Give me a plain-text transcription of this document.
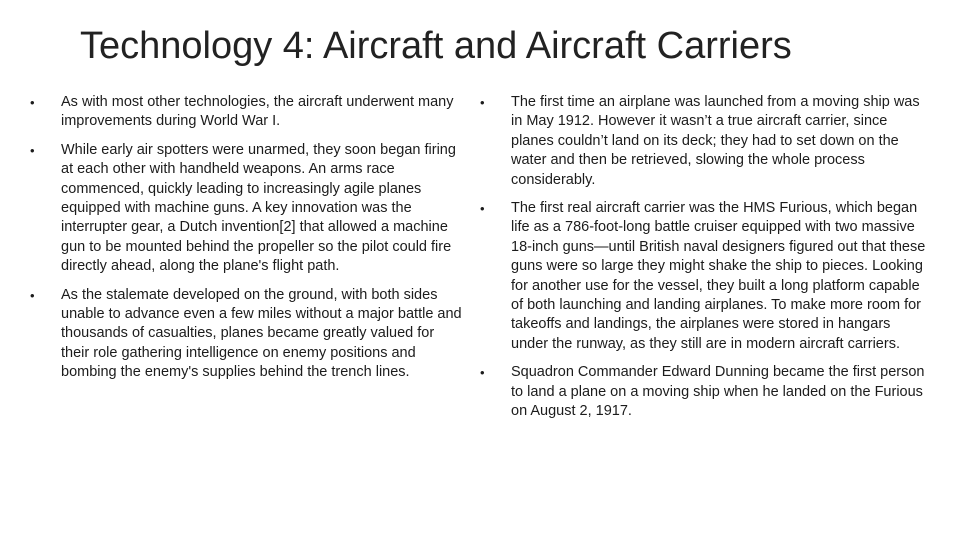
Technology 4: Aircraft and Aircraft Carriers
•	As with most other technologies, the aircraft underwent many improvements during World War I.
•	While early air spotters were unarmed, they soon began firing at each other with handheld weapons. An arms race commenced, quickly leading to increasingly agile planes equipped with machine guns. A key innovation was the interrupter gear, a Dutch invention[2] that allowed a machine gun to be mounted behind the propeller so the pilot could fire directly ahead, along the plane's flight path.
•	As the stalemate developed on the ground, with both sides unable to advance even a few miles without a major battle and thousands of casualties, planes became greatly valued for their role gathering intelligence on enemy positions and bombing the enemy's supplies behind the trench lines.
•	The first time an airplane was launched from a moving ship was in May 1912. However it wasn’t a true aircraft carrier, since planes couldn’t land on its deck; they had to set down on the water and then be retrieved, slowing the whole process considerably.
•	The first real aircraft carrier was the HMS Furious, which began life as a 786-foot-long battle cruiser equipped with two massive 18-inch guns—until British naval designers figured out that these guns were so large they might shake the ship to pieces. Looking for another use for the vessel, they built a long platform capable of both launching and landing airplanes. To make more room for takeoffs and landings, the airplanes were stored in hangars under the runway, as they still are in modern aircraft carriers.
•	Squadron Commander Edward Dunning became the first person to land a plane on a moving ship when he landed on the Furious on August 2, 1917.
